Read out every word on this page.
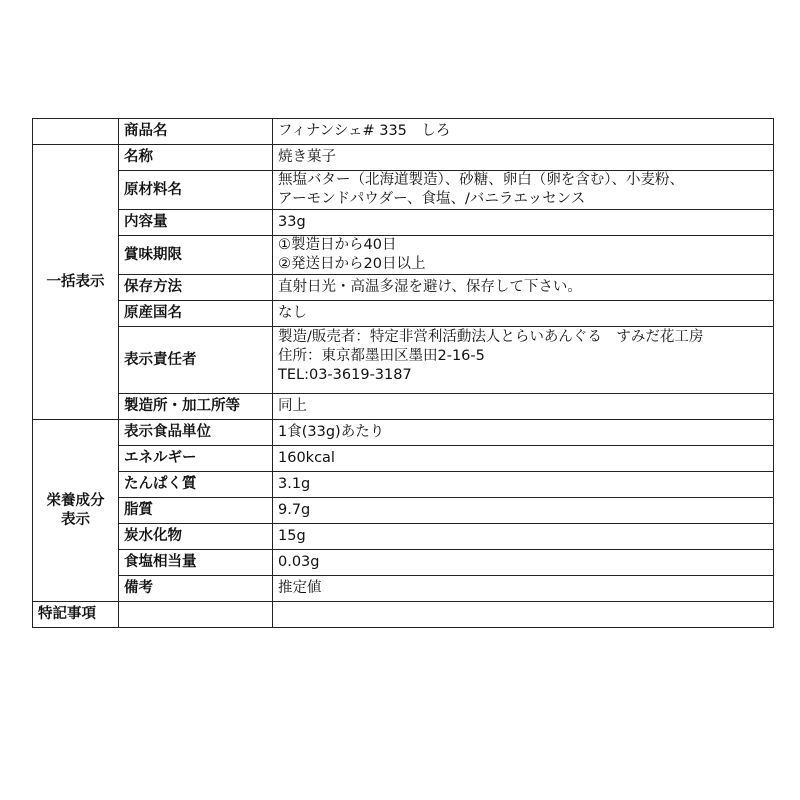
	商品名	フィナンシェ# 335　しろ
一括表示	名称	焼き菓子

	原材料名	無塩バター（北海道製造）、砂糖、卵白（卵を含む）、小麦粉、
アーモンドパウダー、食塩、/バニラエッセンス

	内容量	33g

	賞味期限	①製造日から40日
②発送日から20日以上

	保存方法	直射日光・高温多湿を避け、保存して下さい。

	原産国名	なし

	表示責任者	製造/販売者：特定非営利活動法人とらいあんぐる　すみだ花工房
住所：東京都墨田区墨田2-16-5
TEL:03-3619-3187

	製造所・加工所等	同上

栄養成分
表示	表示食品単位	1食(33g)あたり
	エネルギー	160kcal
	たんぱく質	3.1g
	脂質	9.7g
	炭水化物	15g
	食塩相当量	0.03g
	備考	推定値
特記事項		
